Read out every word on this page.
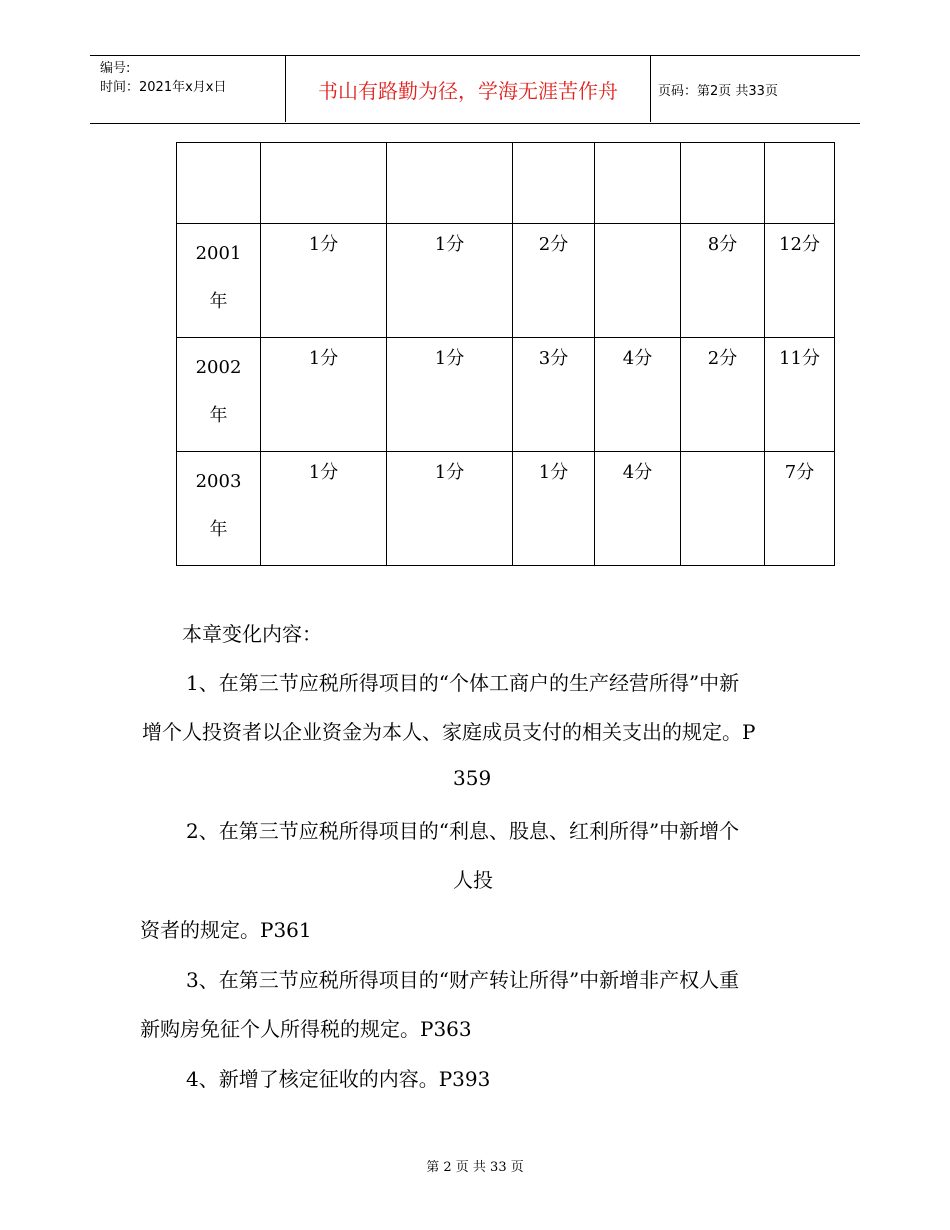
编号:
时间：2021年x月x日	书山有路勤为径，学海无涯苦作舟	页码：第2页 共33页

2001
年	1分	1分	2分		8分	12分

2002
年	1分	1分	3分	4分	2分	11分

2003
年	1分	1分	1分	4分		7分
本章变化内容：
1、在第三节应税所得项目的“个体工商户的生产经营所得”中新
增个人投资者以企业资金为本人、家庭成员支付的相关支出的规定。P
359
2、在第三节应税所得项目的“利息、股息、红利所得”中新增个
人投
资者的规定。P361
3、在第三节应税所得项目的“财产转让所得”中新增非产权人重
新购房免征个人所得税的规定。P363
4、新增了核定征收的内容。P393
第 2 页 共 33 页
